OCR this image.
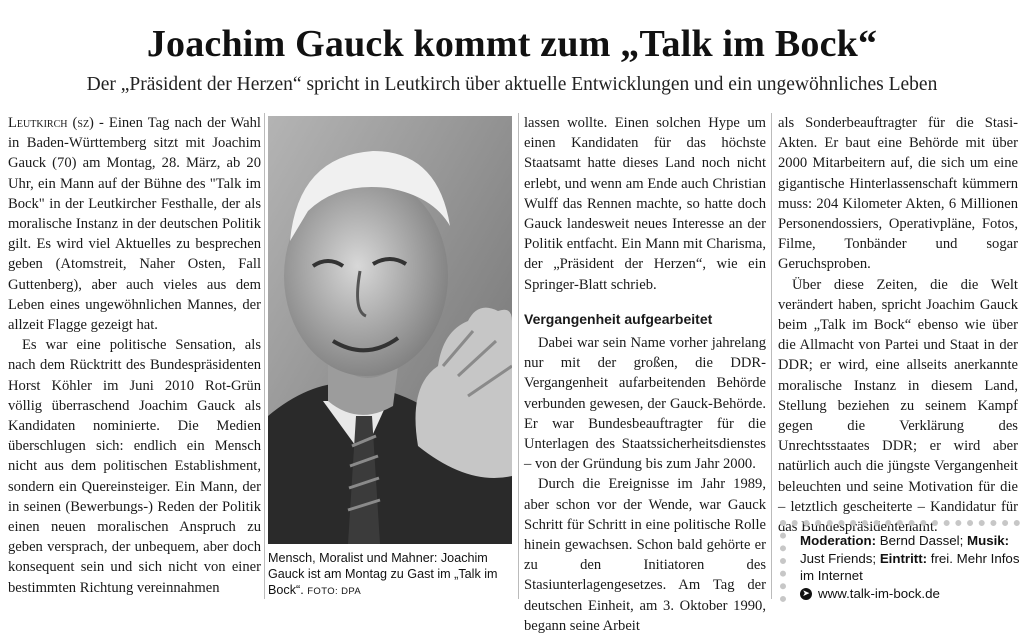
Joachim Gauck kommt zum „Talk im Bock“
Der „Präsident der Herzen“ spricht in Leutkirch über aktuelle Entwicklungen und ein ungewöhnliches Leben

Leutkirch (sz) - Einen Tag nach der Wahl in Baden-Württemberg sitzt mit Joachim Gauck (70) am Montag, 28. März, ab 20 Uhr, ein Mann auf der Bühne des "Talk im Bock" in der Leutkircher Festhalle, der als moralische Instanz in der deutschen Politik gilt. Es wird viel Aktuelles zu besprechen geben (Atomstreit, Naher Osten, Fall Guttenberg), aber auch vieles aus dem Leben eines ungewöhnlichen Mannes, der allzeit Flagge gezeigt hat.

Es war eine politische Sensation, als nach dem Rücktritt des Bundespräsidenten Horst Köhler im Juni 2010 Rot-Grün völlig überraschend Joachim Gauck als Kandidaten nominierte. Die Medien überschlugen sich: endlich ein Mensch nicht aus dem politischen Establishment, sondern ein Quereinsteiger. Ein Mann, der in seinen (Bewerbungs-) Reden der Politik einen neuen moralischen Anspruch zu geben versprach, der unbequem, aber doch konsequent sein und sich nicht von einer bestimmten Richtung vereinnahmen

Mensch, Moralist und Mahner: Joachim Gauck ist am Montag zu Gast im „Talk im Bock“. FOTO: DPA

lassen wollte. Einen solchen Hype um einen Kandidaten für das höchste Staatsamt hatte dieses Land noch nicht erlebt, und wenn am Ende auch Christian Wulff das Rennen machte, so hatte doch Gauck landesweit neues Interesse an der Politik entfacht. Ein Mann mit Charisma, der „Präsident der Herzen“, wie ein Springer-Blatt schrieb.

Vergangenheit aufgearbeitet

Dabei war sein Name vorher jahrelang nur mit der großen, die DDR-Vergangenheit aufarbeitenden Behörde verbunden gewesen, der Gauck-Behörde. Er war Bundesbeauftragter für die Unterlagen des Staatssicherheitsdienstes – von der Gründung bis zum Jahr 2000.

Durch die Ereignisse im Jahr 1989, aber schon vor der Wende, war Gauck Schritt für Schritt in eine politische Rolle hinein gewachsen. Schon bald gehörte er zu den Initiatoren des Stasiunterlagengesetzes. Am Tag der deutschen Einheit, am 3. Oktober 1990, begann seine Arbeit

als Sonderbeauftragter für die Stasi-Akten. Er baut eine Behörde mit über 2000 Mitarbeitern auf, die sich um eine gigantische Hinterlassenschaft kümmern muss: 204 Kilometer Akten, 6 Millionen Personendossiers, Operativpläne, Fotos, Filme, Tonbänder und sogar Geruchsproben.

Über diese Zeiten, die die Welt verändert haben, spricht Joachim Gauck beim „Talk im Bock“ ebenso wie über die Allmacht von Partei und Staat in der DDR; er wird, eine allseits anerkannte moralische Instanz in diesem Land, Stellung beziehen zu seinem Kampf gegen die Verklärung des Unrechtsstaates DDR; er wird aber natürlich auch die jüngste Vergangenheit beleuchten und seine Motivation für die – letztlich gescheiterte – Kandidatur für das Bundespräsidentenamt.

Moderation: Bernd Dassel; Musik: Just Friends; Eintritt: frei. Mehr Infos im Internet
➤ www.talk-im-bock.de
